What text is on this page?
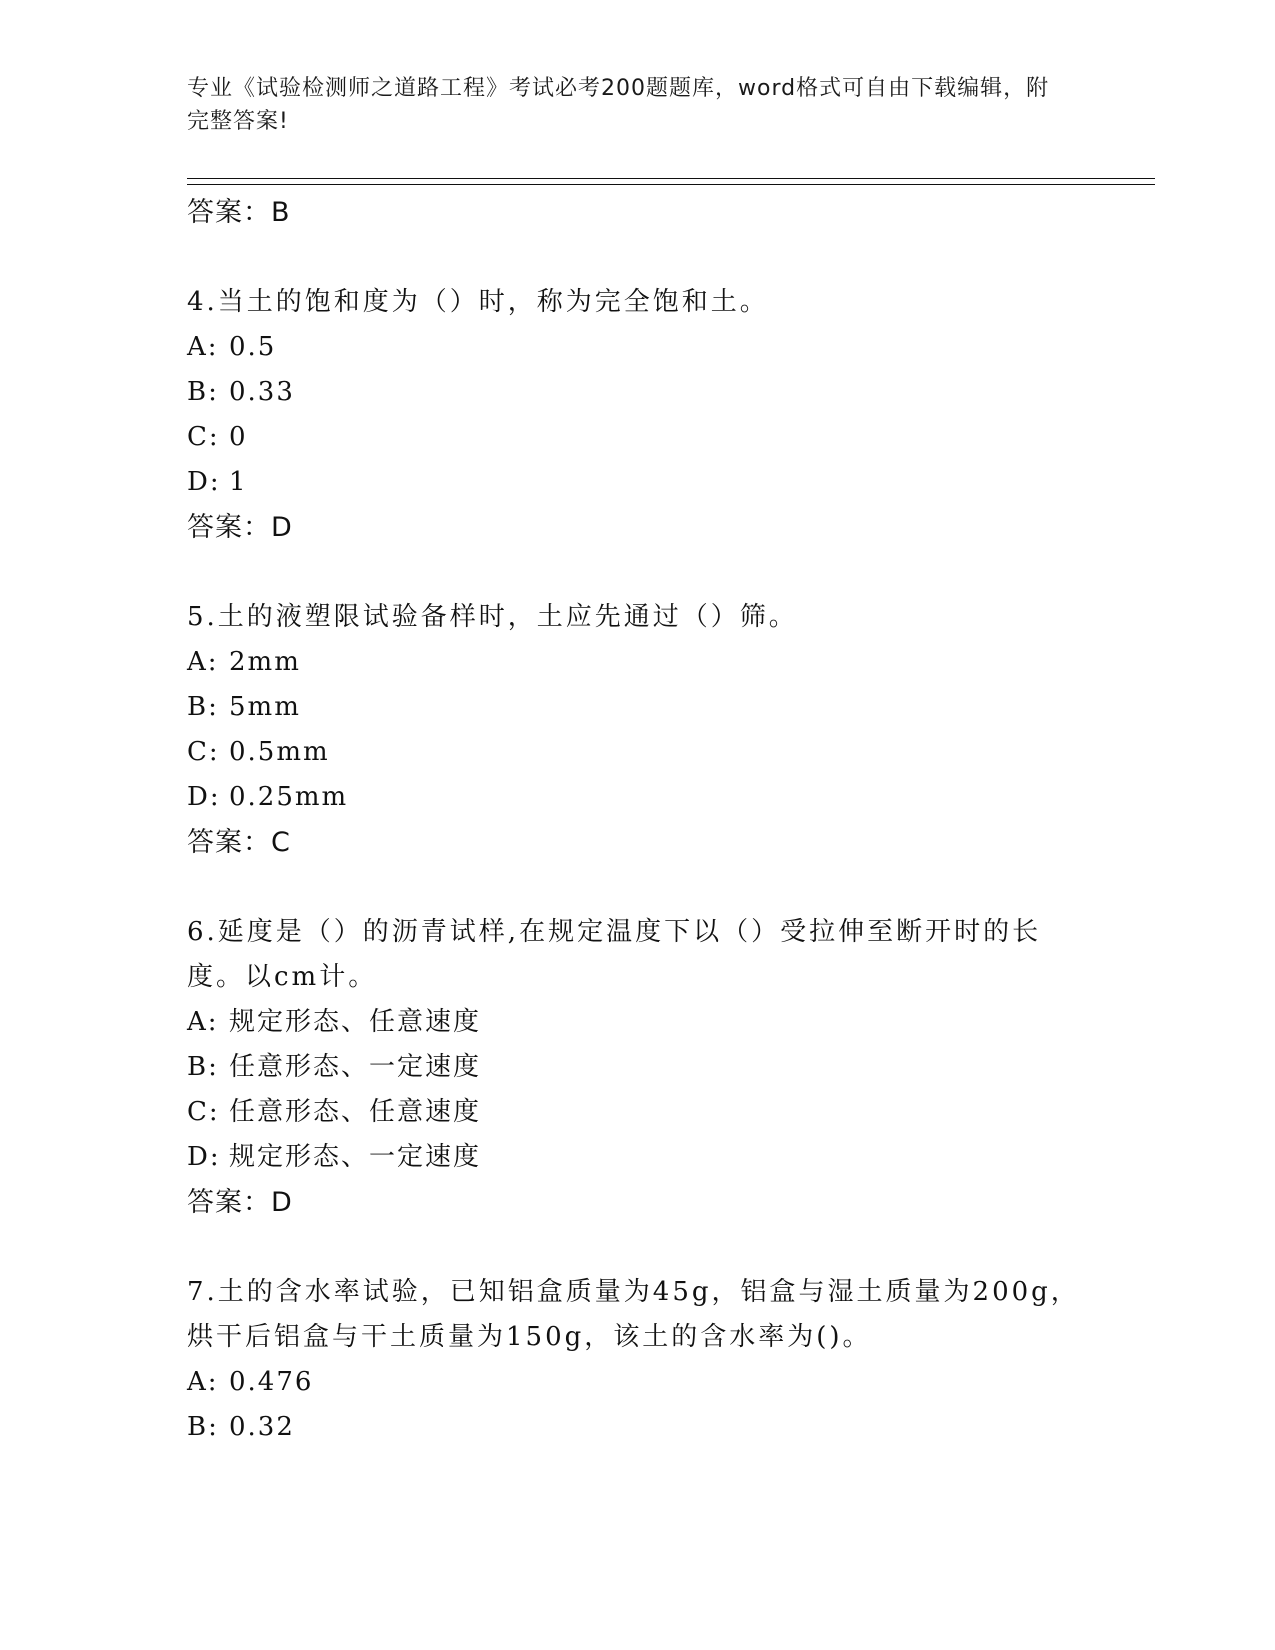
专业《试验检测师之道路工程》考试必考200题题库，word格式可自由下载编辑，附完整答案!
答案：B
4.当土的饱和度为（）时，称为完全饱和土。
A: 0.5
B: 0.33
C: 0
D: 1
答案：D
5.土的液塑限试验备样时，土应先通过（）筛。
A: 2mm
B: 5mm
C: 0.5mm
D: 0.25mm
答案：C
6.延度是（）的沥青试样,在规定温度下以（）受拉伸至断开时的长度。以cm计。
A: 规定形态、任意速度
B: 任意形态、一定速度
C: 任意形态、任意速度
D: 规定形态、一定速度
答案：D
7.土的含水率试验，已知铝盒质量为45g，铝盒与湿土质量为200g，烘干后铝盒与干土质量为150g，该土的含水率为()。
A: 0.476
B: 0.32
